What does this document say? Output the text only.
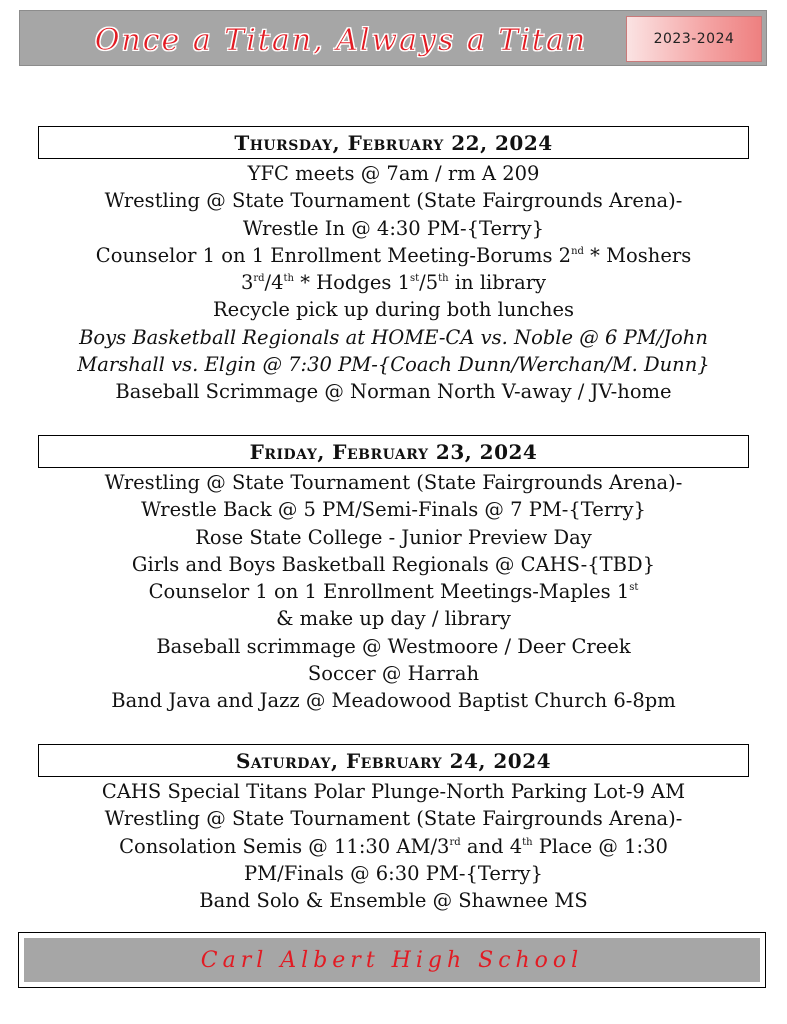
Once a Titan, Always a Titan	2023-2024
Thursday, February 22, 2024
YFC meets @ 7am / rm A 209
Wrestling @ State Tournament (State Fairgrounds Arena)-
Wrestle In @ 4:30 PM-{Terry}
Counselor 1 on 1 Enrollment Meeting-Borums 2nd * Moshers
3rd/4th * Hodges 1st/5th in library
Recycle pick up during both lunches
Boys Basketball Regionals at HOME-CA vs. Noble @ 6 PM/John
Marshall vs. Elgin @ 7:30 PM-{Coach Dunn/Werchan/M. Dunn}
Baseball Scrimmage @ Norman North V-away / JV-home
Friday, February 23, 2024
Wrestling @ State Tournament (State Fairgrounds Arena)-
Wrestle Back @ 5 PM/Semi-Finals @ 7 PM-{Terry}
Rose State College - Junior Preview Day
Girls and Boys Basketball Regionals @ CAHS-{TBD}
Counselor 1 on 1 Enrollment Meetings-Maples 1st
& make up day / library
Baseball scrimmage @ Westmoore / Deer Creek
Soccer @ Harrah
Band Java and Jazz @ Meadowood Baptist Church 6-8pm
Saturday, February 24, 2024
CAHS Special Titans Polar Plunge-North Parking Lot-9 AM
Wrestling @ State Tournament (State Fairgrounds Arena)-
Consolation Semis @ 11:30 AM/3rd and 4th Place @ 1:30
PM/Finals @ 6:30 PM-{Terry}
Band Solo & Ensemble @ Shawnee MS
Carl Albert High School
